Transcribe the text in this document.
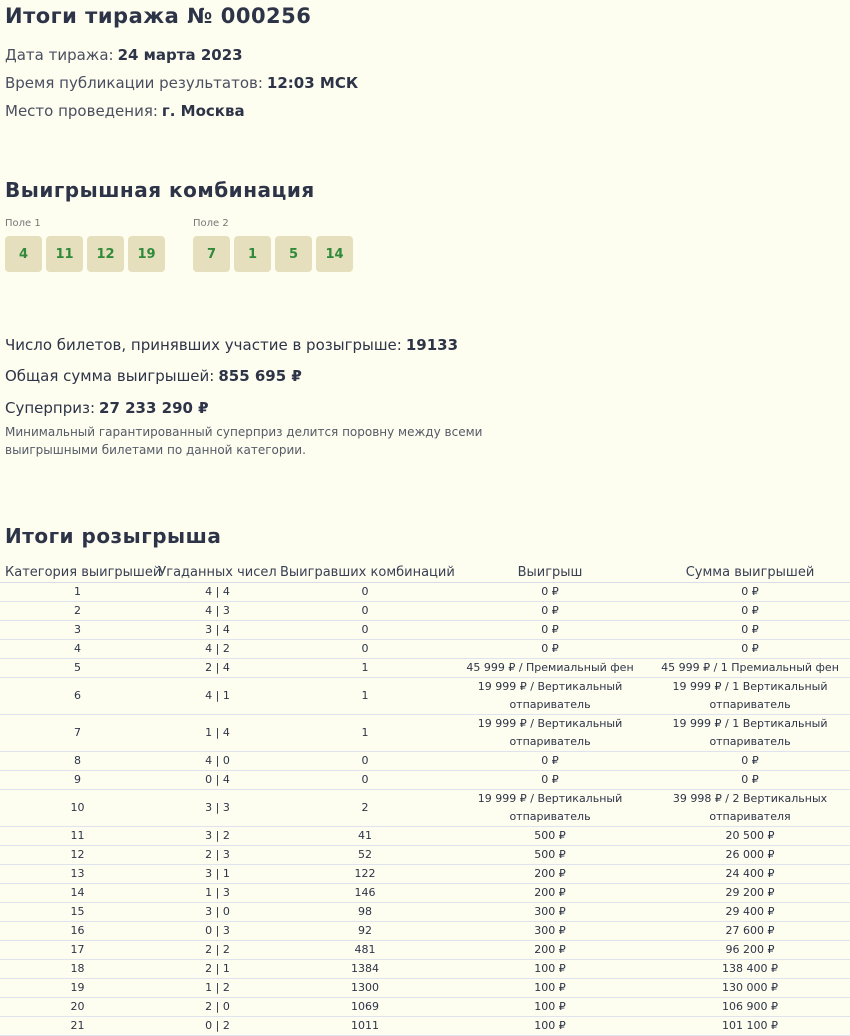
Итоги тиража № 000256
Дата тиража: 24 марта 2023
Время публикации результатов: 12:03 МСК
Место проведения: г. Москва
Выигрышная комбинация
Поле 1
4	11	12	19
Поле 2
7	1	5	14
Число билетов, принявших участие в розыгрыше: 19133
Общая сумма выигрышей: 855 695 ₽
Суперприз: 27 233 290 ₽
Минимальный гарантированный суперприз делится поровну между всеми выигрышными билетами по данной категории.
Итоги розыгрыша
Категория выигрышей	Угаданных чисел	Выигравших комбинаций	Выигрыш	Сумма выигрышей
1	4 | 4	0	0 ₽	0 ₽
2	4 | 3	0	0 ₽	0 ₽
3	3 | 4	0	0 ₽	0 ₽
4	4 | 2	0	0 ₽	0 ₽
5	2 | 4	1	45 999 ₽ / Премиальный фен	45 999 ₽ / 1 Премиальный фен
6	4 | 1	1	19 999 ₽ / Вертикальный отпариватель	19 999 ₽ / 1 Вертикальный отпариватель
7	1 | 4	1	19 999 ₽ / Вертикальный отпариватель	19 999 ₽ / 1 Вертикальный отпариватель
8	4 | 0	0	0 ₽	0 ₽
9	0 | 4	0	0 ₽	0 ₽
10	3 | 3	2	19 999 ₽ / Вертикальный отпариватель	39 998 ₽ / 2 Вертикальных отпаривателя
11	3 | 2	41	500 ₽	20 500 ₽
12	2 | 3	52	500 ₽	26 000 ₽
13	3 | 1	122	200 ₽	24 400 ₽
14	1 | 3	146	200 ₽	29 200 ₽
15	3 | 0	98	300 ₽	29 400 ₽
16	0 | 3	92	300 ₽	27 600 ₽
17	2 | 2	481	200 ₽	96 200 ₽
18	2 | 1	1384	100 ₽	138 400 ₽
19	1 | 2	1300	100 ₽	130 000 ₽
20	2 | 0	1069	100 ₽	106 900 ₽
21	0 | 2	1011	100 ₽	101 100 ₽
